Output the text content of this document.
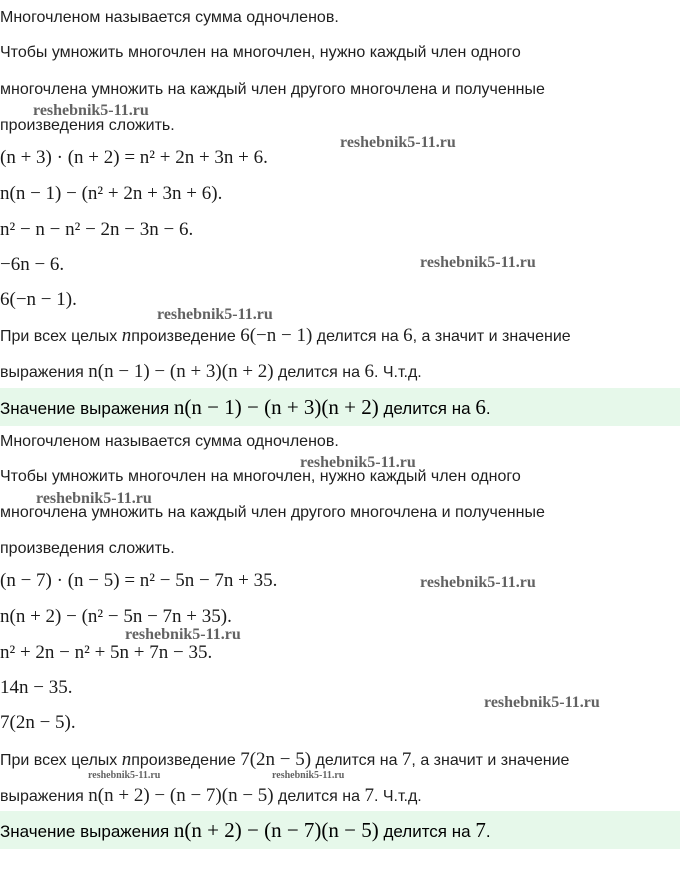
Многочленом называется сумма одночленов.
Чтобы умножить многочлен на многочлен, нужно каждый член одного
многочлена умножить на каждый член другого многочлена и полученные
произведения сложить.
(n + 3) · (n + 2) = n² + 2n + 3n + 6.
n(n − 1) − (n² + 2n + 3n + 6).
n² − n − n² − 2n − 3n − 6.
−6n − 6.
6(−n − 1).
При всех целых nпроизведение 6(−n − 1) делится на 6, а значит и значение
выражения n(n − 1) − (n + 3)(n + 2) делится на 6. Ч.т.д.
Значение выражения n(n − 1) − (n + 3)(n + 2) делится на 6.
Многочленом называется сумма одночленов.
Чтобы умножить многочлен на многочлен, нужно каждый член одного
многочлена умножить на каждый член другого многочлена и полученные
произведения сложить.
(n − 7) · (n − 5) = n² − 5n − 7n + 35.
n(n + 2) − (n² − 5n − 7n + 35).
n² + 2n − n² + 5n + 7n − 35.
14n − 35.
7(2n − 5).
При всех целых nпроизведение 7(2n − 5) делится на 7, а значит и значение
выражения n(n + 2) − (n − 7)(n − 5) делится на 7. Ч.т.д.
Значение выражения n(n + 2) − (n − 7)(n − 5) делится на 7.
reshebnik5-11.ru
reshebnik5-11.ru
reshebnik5-11.ru
reshebnik5-11.ru
reshebnik5-11.ru
reshebnik5-11.ru
reshebnik5-11.ru
reshebnik5-11.ru
reshebnik5-11.ru
reshebnik5-11.ru	reshebnik5-11.ru
